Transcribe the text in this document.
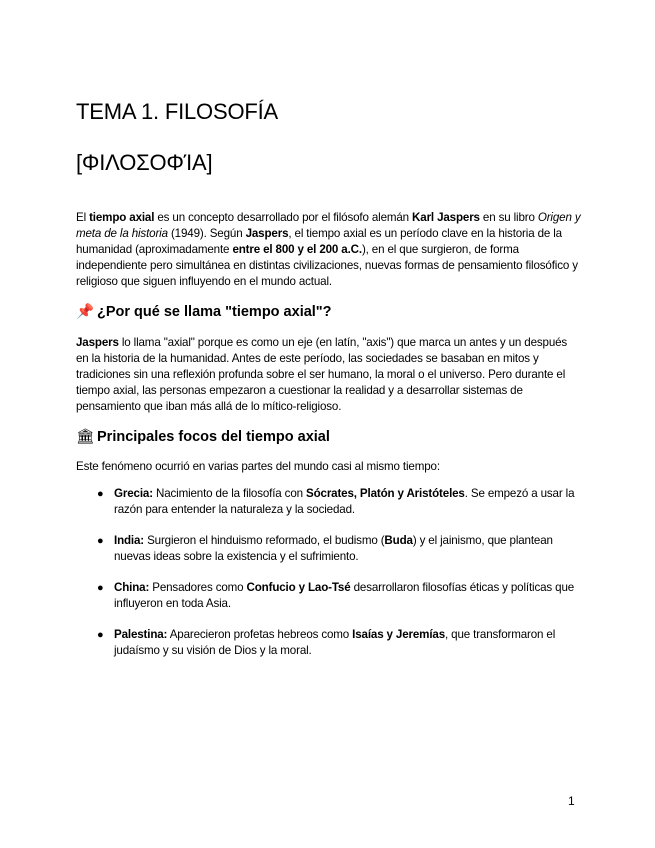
TEMA 1. FILOSOFÍA
[ΦΙΛΟΣΟΦΊΑ]

El tiempo axial es un concepto desarrollado por el filósofo alemán Karl Jaspers en su libro Origen y meta de la historia (1949). Según Jaspers, el tiempo axial es un período clave en la historia de la humanidad (aproximadamente entre el 800 y el 200 a.C.), en el que surgieron, de forma independiente pero simultánea en distintas civilizaciones, nuevas formas de pensamiento filosófico y religioso que siguen influyendo en el mundo actual.

📌 ¿Por qué se llama "tiempo axial"?

Jaspers lo llama "axial" porque es como un eje (en latín, "axis") que marca un antes y un después en la historia de la humanidad. Antes de este período, las sociedades se basaban en mitos y tradiciones sin una reflexión profunda sobre el ser humano, la moral o el universo. Pero durante el tiempo axial, las personas empezaron a cuestionar la realidad y a desarrollar sistemas de pensamiento que iban más allá de lo mítico-religioso.

🏛 Principales focos del tiempo axial

Este fenómeno ocurrió en varias partes del mundo casi al mismo tiempo:

● Grecia: Nacimiento de la filosofía con Sócrates, Platón y Aristóteles. Se empezó a usar la razón para entender la naturaleza y la sociedad.
● India: Surgieron el hinduismo reformado, el budismo (Buda) y el jainismo, que plantean nuevas ideas sobre la existencia y el sufrimiento.
● China: Pensadores como Confucio y Lao-Tsé desarrollaron filosofías éticas y políticas que influyeron en toda Asia.
● Palestina: Aparecieron profetas hebreos como Isaías y Jeremías, que transformaron el judaísmo y su visión de Dios y la moral.
1
